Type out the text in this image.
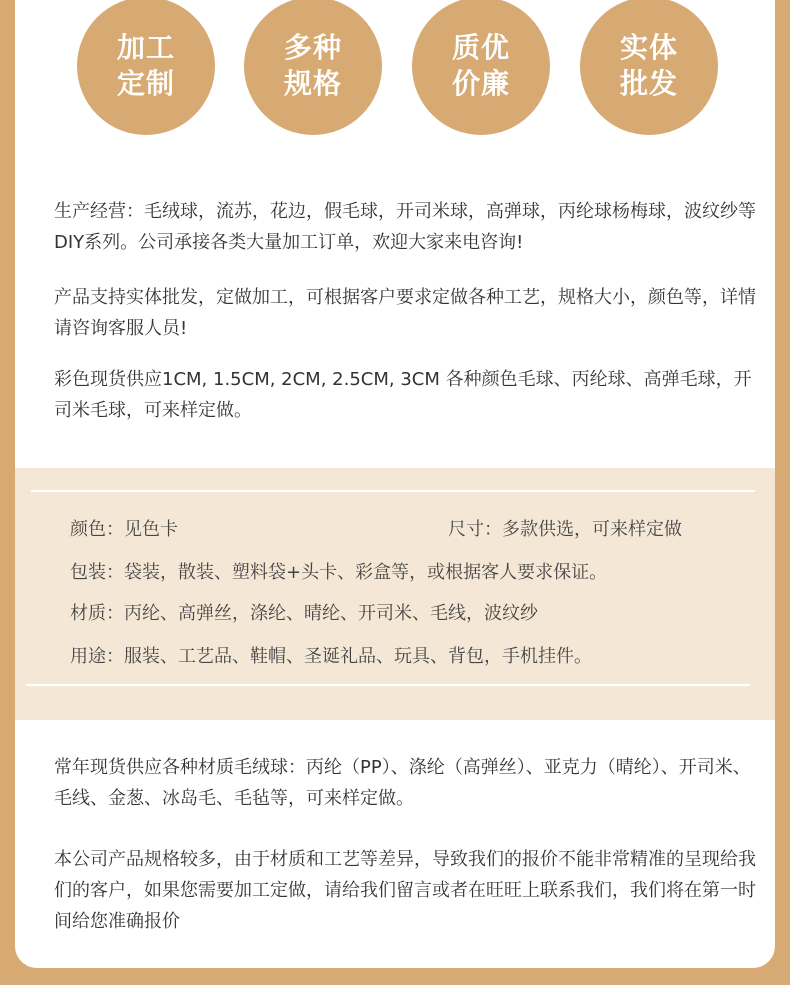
加工
定制
多种
规格
质优
价廉
实体
批发

生产经营：毛绒球，流苏，花边，假毛球，开司米球，高弹球，丙纶球杨梅球，波纹纱等DIY系列。公司承接各类大量加工订单，欢迎大家来电咨询!

产品支持实体批发，定做加工，可根据客户要求定做各种工艺，规格大小，颜色等，详情请咨询客服人员!

彩色现货供应1CM, 1.5CM, 2CM, 2.5CM, 3CM 各种颜色毛球、丙纶球、高弹毛球，开司米毛球，可来样定做。

颜色：见色卡	尺寸：多款供选，可来样定做
包装：袋装，散装、塑料袋+头卡、彩盒等，或根据客人要求保证。
材质：丙纶、高弹丝，涤纶、晴纶、开司米、毛线，波纹纱
用途：服装、工艺品、鞋帽、圣诞礼品、玩具、背包，手机挂件。

常年现货供应各种材质毛绒球：丙纶（PP）、涤纶（高弹丝）、亚克力（晴纶）、开司米、毛线、金葱、冰岛毛、毛毡等，可来样定做。

本公司产品规格较多，由于材质和工艺等差异，导致我们的报价不能非常精准的呈现给我们的客户，如果您需要加工定做，请给我们留言或者在旺旺上联系我们，我们将在第一时间给您准确报价
